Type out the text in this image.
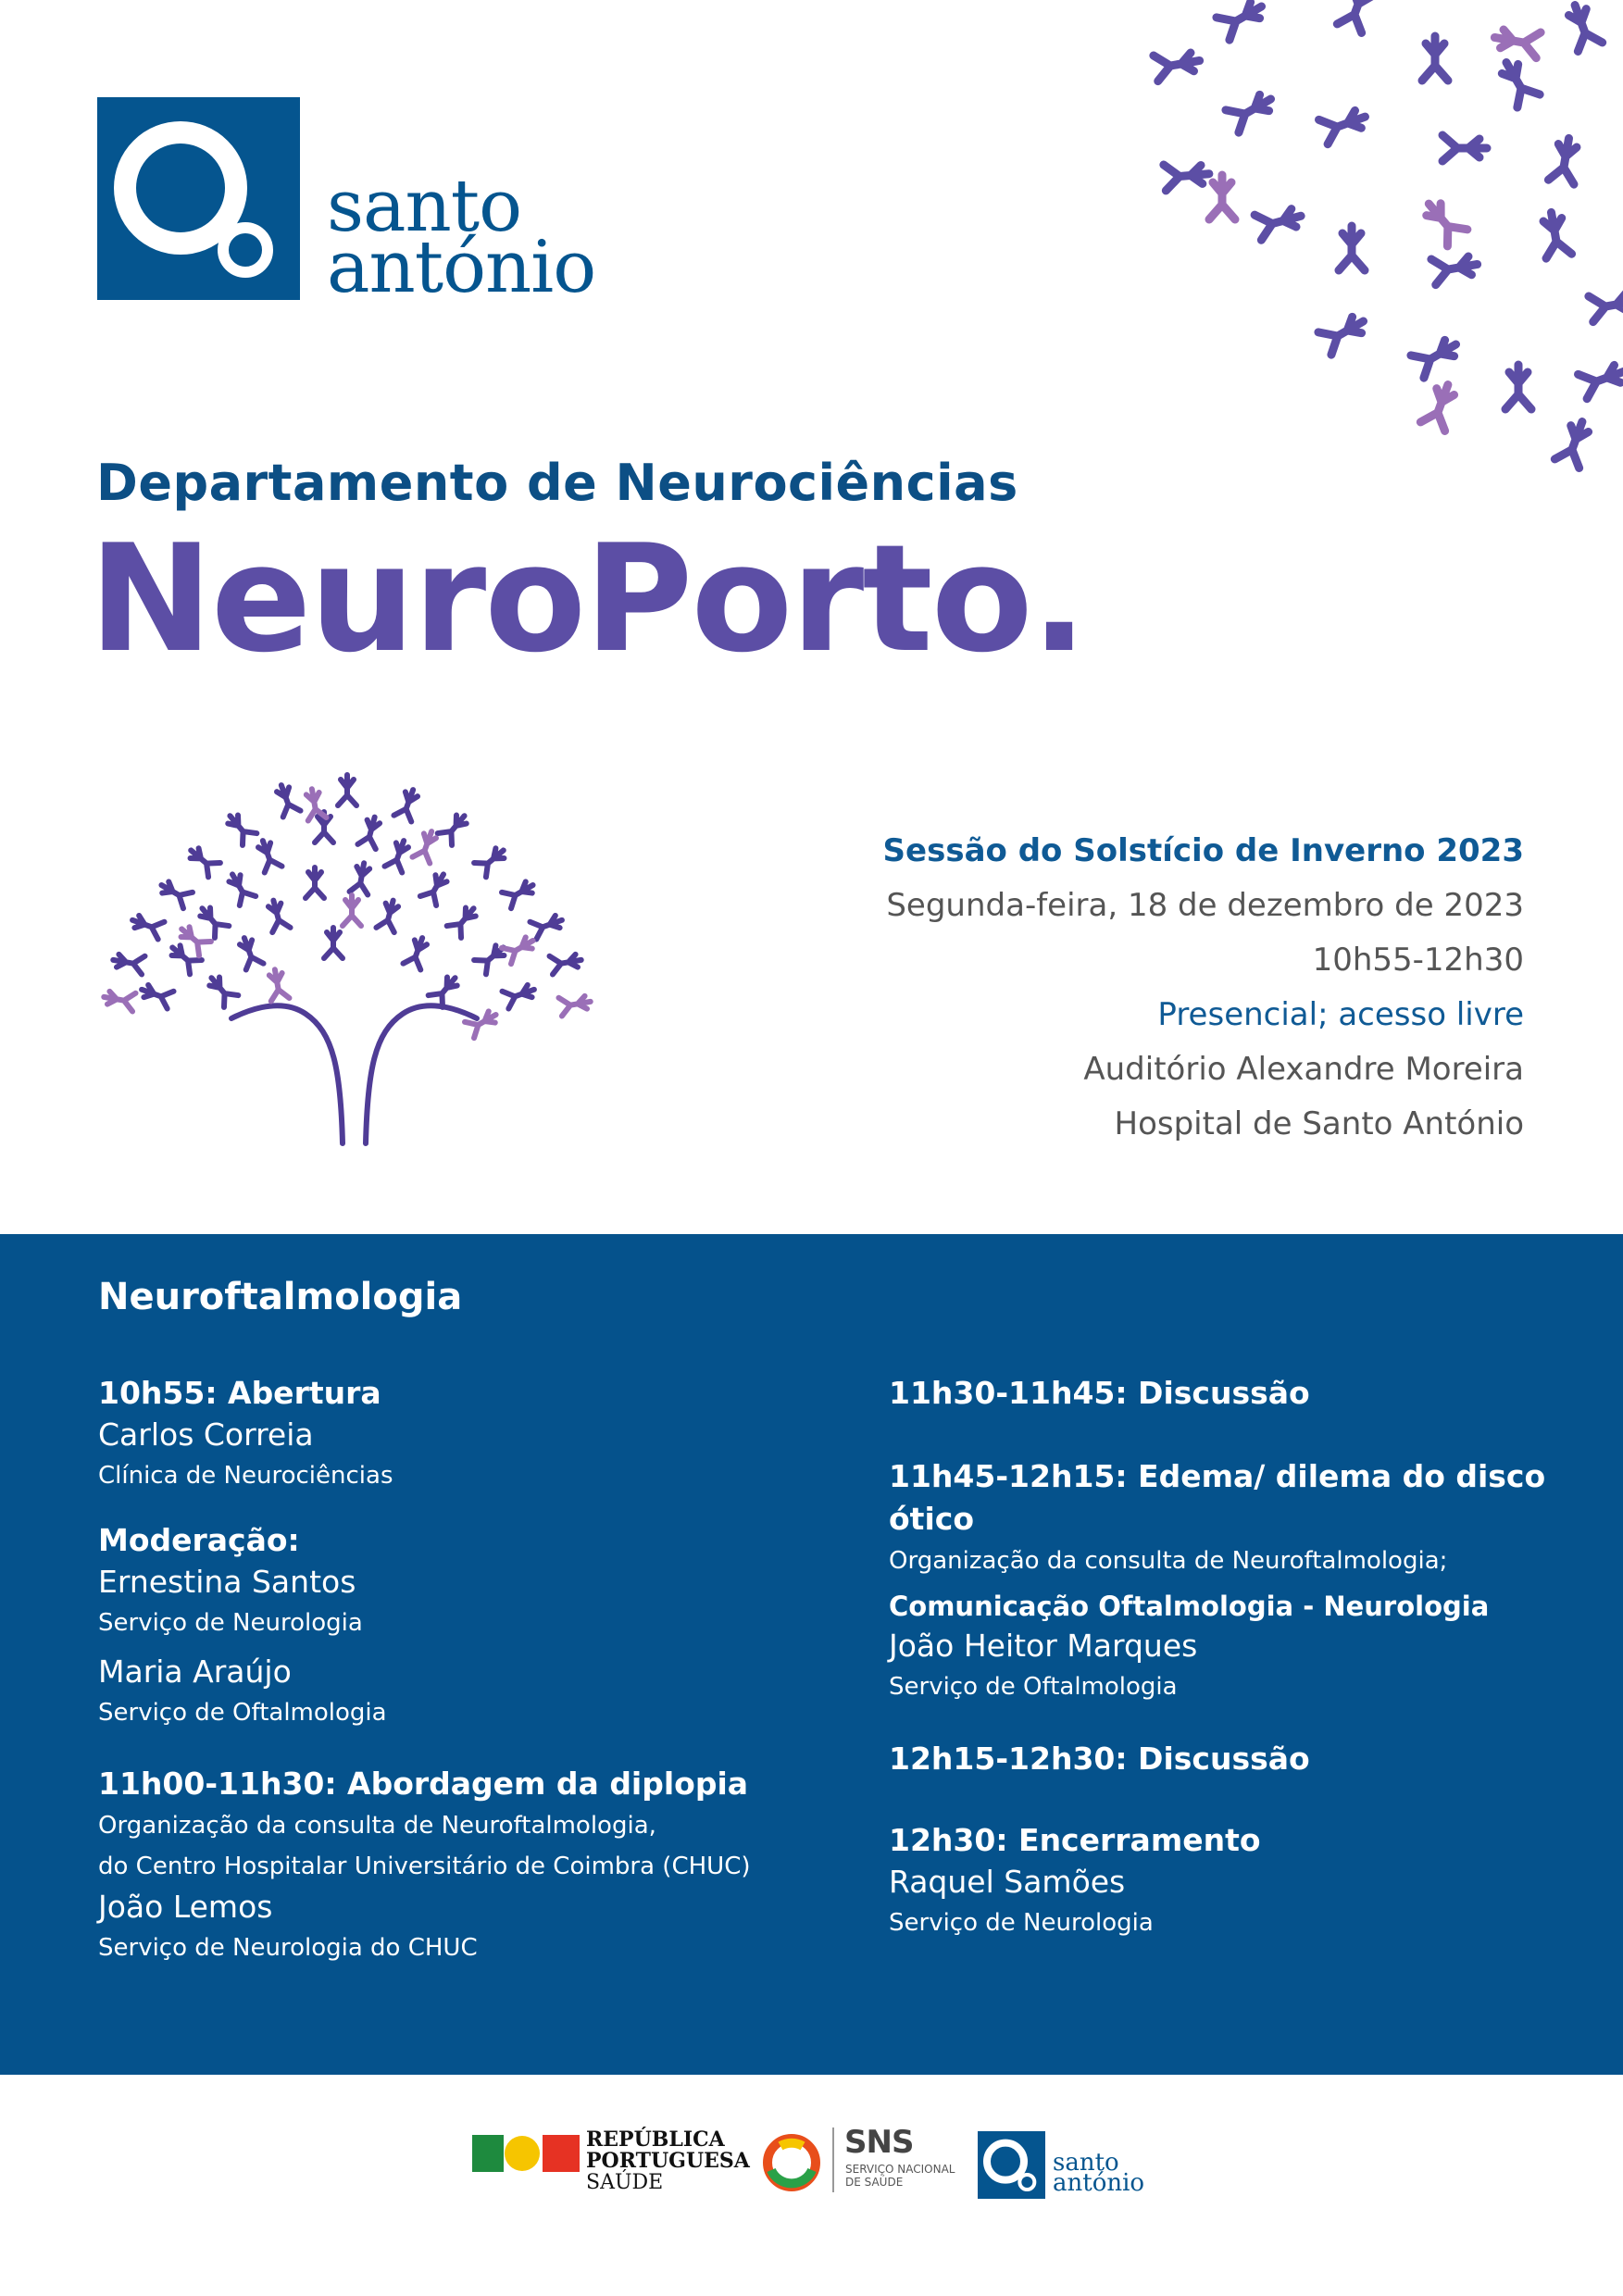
santo
antónio
Departamento de Neurociências
NeuroPorto.
Sessão do Solstício de Inverno 2023
Segunda-feira, 18 de dezembro de 2023
10h55-12h30
Presencial; acesso livre
Auditório Alexandre Moreira
Hospital de Santo António
Neuroftalmologia
10h55: Abertura
Carlos Correia
Clínica de Neurociências
Moderação:
Ernestina Santos
Serviço de Neurologia
Maria Araújo
Serviço de Oftalmologia
11h00-11h30: Abordagem da diplopia
Organização da consulta de Neuroftalmologia,
do Centro Hospitalar Universitário de Coimbra (CHUC)
João Lemos
Serviço de Neurologia do CHUC
11h30-11h45: Discussão
11h45-12h15: Edema/ dilema do disco ótico
Organização da consulta de Neuroftalmologia;
Comunicação Oftalmologia - Neurologia
João Heitor Marques
Serviço de Oftalmologia
12h15-12h30: Discussão
12h30: Encerramento
Raquel Samões
Serviço de Neurologia
REPÚBLICA
PORTUGUESA
SAÚDE
SNS
SERVIÇO NACIONAL
DE SAÚDE
santo
antónio
